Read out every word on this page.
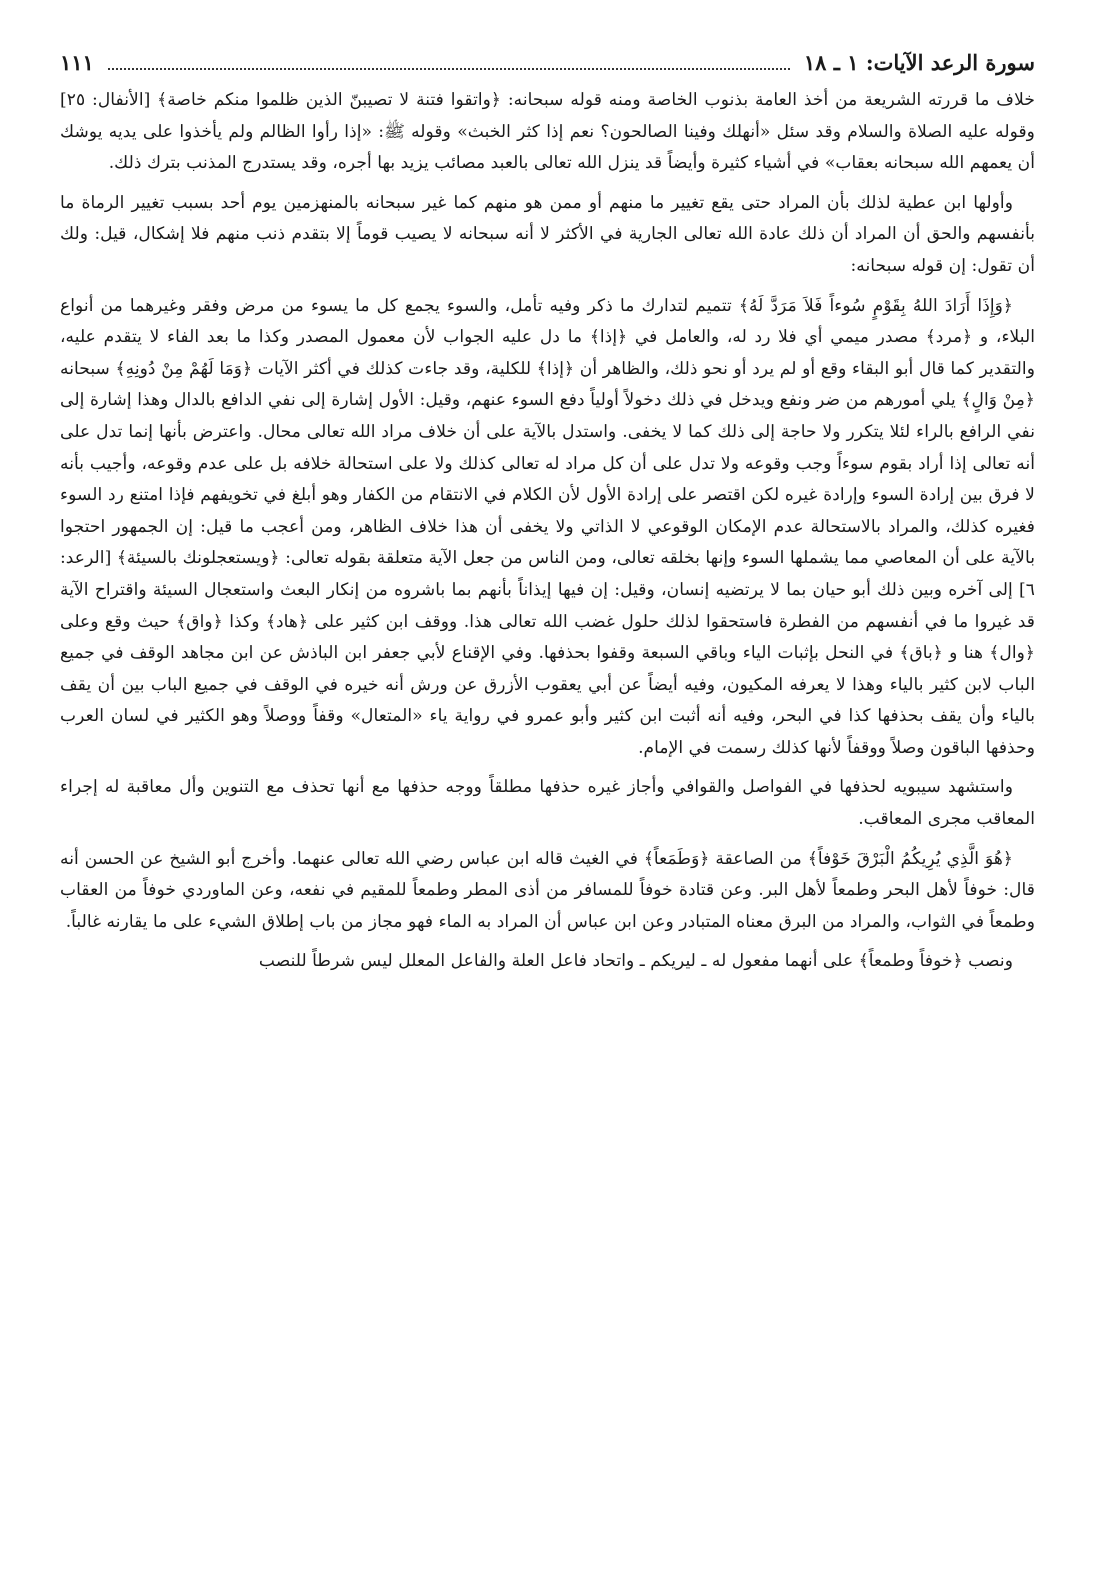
سورة الرعد الآيات: ١ ـ ١٨
١١١

خلاف ما قررته الشريعة من أخذ العامة بذنوب الخاصة ومنه قوله سبحانه: ﴿واتقوا فتنة لا تصيبنّ الذين ظلموا منكم خاصة﴾ [الأنفال: ٢٥] وقوله عليه الصلاة والسلام وقد سئل «أنهلك وفينا الصالحون؟ نعم إذا كثر الخبث» وقوله ﷺ: «إذا رأوا الظالم ولم يأخذوا على يديه يوشك أن يعمهم الله سبحانه بعقاب» في أشياء كثيرة وأيضاً قد ينزل الله تعالى بالعبد مصائب يزيد بها أجره، وقد يستدرج المذنب بترك ذلك.

وأولها ابن عطية لذلك بأن المراد حتى يقع تغيير ما منهم أو ممن هو منهم كما غير سبحانه بالمنهزمين يوم أحد بسبب تغيير الرماة ما بأنفسهم والحق أن المراد أن ذلك عادة الله تعالى الجارية في الأكثر لا أنه سبحانه لا يصيب قوماً إلا بتقدم ذنب منهم فلا إشكال، قيل: ولك أن تقول: إن قوله سبحانه:

﴿وَإِذَا أَرَادَ اللهُ بِقَوْمٍ سُوءاً فَلاَ مَرَدَّ لَهُ﴾ تتميم لتدارك ما ذكر وفيه تأمل، والسوء يجمع كل ما يسوء من مرض وفقر وغيرهما من أنواع البلاء، و ﴿مرد﴾ مصدر ميمي أي فلا رد له، والعامل في ﴿إذا﴾ ما دل عليه الجواب لأن معمول المصدر وكذا ما بعد الفاء لا يتقدم عليه، والتقدير كما قال أبو البقاء وقع أو لم يرد أو نحو ذلك، والظاهر أن ﴿إذا﴾ للكلية، وقد جاءت كذلك في أكثر الآيات ﴿وَمَا لَهُمْ مِنْ دُونِهِ﴾ سبحانه ﴿مِنْ وَالٍ﴾ يلي أمورهم من ضر ونفع ويدخل في ذلك دخولاً أولياً دفع السوء عنهم، وقيل: الأول إشارة إلى نفي الدافع بالدال وهذا إشارة إلى نفي الرافع بالراء لئلا يتكرر ولا حاجة إلى ذلك كما لا يخفى. واستدل بالآية على أن خلاف مراد الله تعالى محال. واعترض بأنها إنما تدل على أنه تعالى إذا أراد بقوم سوءاً وجب وقوعه ولا تدل على أن كل مراد له تعالى كذلك ولا على استحالة خلافه بل على عدم وقوعه، وأجيب بأنه لا فرق بين إرادة السوء وإرادة غيره لكن اقتصر على إرادة الأول لأن الكلام في الانتقام من الكفار وهو أبلغ في تخويفهم فإذا امتنع رد السوء فغيره كذلك، والمراد بالاستحالة عدم الإمكان الوقوعي لا الذاتي ولا يخفى أن هذا خلاف الظاهر، ومن أعجب ما قيل: إن الجمهور احتجوا بالآية على أن المعاصي مما يشملها السوء وإنها بخلقه تعالى، ومن الناس من جعل الآية متعلقة بقوله تعالى: ﴿ويستعجلونك بالسيئة﴾ [الرعد: ٦] إلى آخره وبين ذلك أبو حيان بما لا يرتضيه إنسان، وقيل: إن فيها إيذاناً بأنهم بما باشروه من إنكار البعث واستعجال السيئة واقتراح الآية قد غيروا ما في أنفسهم من الفطرة فاستحقوا لذلك حلول غضب الله تعالى هذا. ووقف ابن كثير على ﴿هاد﴾ وكذا ﴿واق﴾ حيث وقع وعلى ﴿وال﴾ هنا و ﴿باق﴾ في النحل بإثبات الياء وباقي السبعة وقفوا بحذفها. وفي الإقناع لأبي جعفر ابن الباذش عن ابن مجاهد الوقف في جميع الباب لابن كثير بالياء وهذا لا يعرفه المكيون، وفيه أيضاً عن أبي يعقوب الأزرق عن ورش أنه خيره في الوقف في جميع الباب بين أن يقف بالياء وأن يقف بحذفها كذا في البحر، وفيه أنه أثبت ابن كثير وأبو عمرو في رواية ياء «المتعال» وقفاً ووصلاً وهو الكثير في لسان العرب وحذفها الباقون وصلاً ووقفاً لأنها كذلك رسمت في الإمام.

واستشهد سيبويه لحذفها في الفواصل والقوافي وأجاز غيره حذفها مطلقاً ووجه حذفها مع أنها تحذف مع التنوين وأل معاقبة له إجراء المعاقب مجرى المعاقب.

﴿هُوَ الَّذِي يُرِيكُمُ الْبَرْقَ خَوْفاً﴾ من الصاعقة ﴿وَطَمَعاً﴾ في الغيث قاله ابن عباس رضي الله تعالى عنهما. وأخرج أبو الشيخ عن الحسن أنه قال: خوفاً لأهل البحر وطمعاً لأهل البر. وعن قتادة خوفاً للمسافر من أذى المطر وطمعاً للمقيم في نفعه، وعن الماوردي خوفاً من العقاب وطمعاً في الثواب، والمراد من البرق معناه المتبادر وعن ابن عباس أن المراد به الماء فهو مجاز من باب إطلاق الشيء على ما يقارنه غالباً.

ونصب ﴿خوفاً وطمعاً﴾ على أنهما مفعول له ـ ليريكم ـ واتحاد فاعل العلة والفاعل المعلل ليس شرطاً للنصب
